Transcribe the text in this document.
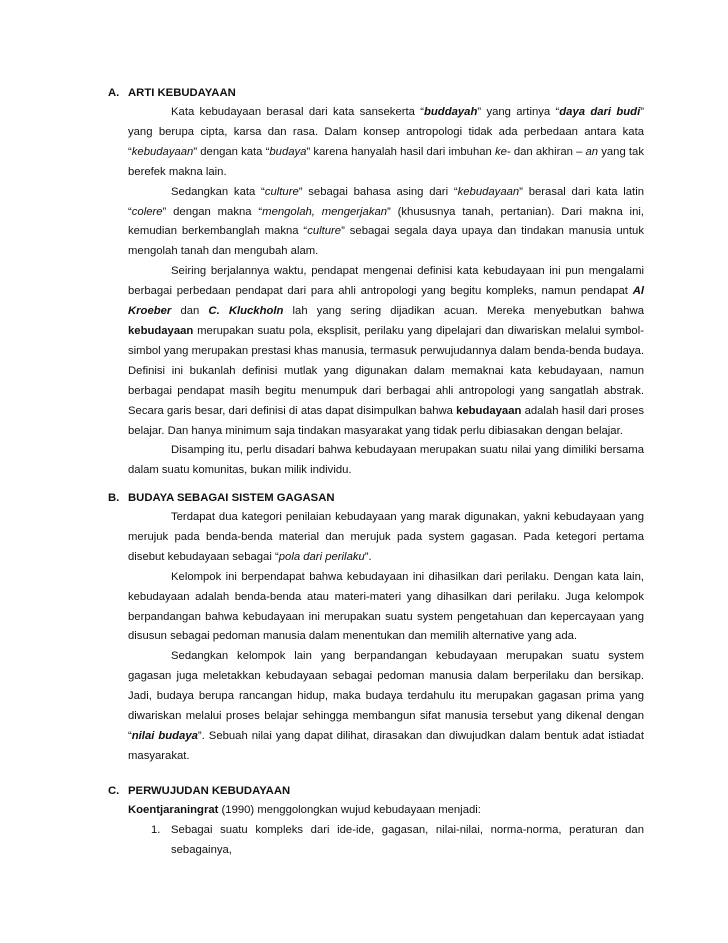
A. ARTI KEBUDAYAAN

Kata kebudayaan berasal dari kata sansekerta “buddayah” yang artinya “daya dari budi” yang berupa cipta, karsa dan rasa. Dalam konsep antropologi tidak ada perbedaan antara kata “kebudayaan” dengan kata “budaya” karena hanyalah hasil dari imbuhan ke- dan akhiran – an yang tak berefek makna lain.

Sedangkan kata “culture” sebagai bahasa asing dari “kebudayaan” berasal dari kata latin “colere” dengan makna “mengolah, mengerjakan” (khususnya tanah, pertanian). Dari makna ini, kemudian berkembanglah makna “culture” sebagai segala daya upaya dan tindakan manusia untuk mengolah tanah dan mengubah alam.

Seiring berjalannya waktu, pendapat mengenai definisi kata kebudayaan ini pun mengalami berbagai perbedaan pendapat dari para ahli antropologi yang begitu kompleks, namun pendapat Al Kroeber dan C. Kluckholn lah yang sering dijadikan acuan. Mereka menyebutkan bahwa kebudayaan merupakan suatu pola, eksplisit, perilaku yang dipelajari dan diwariskan melalui symbol-simbol yang merupakan prestasi khas manusia, termasuk perwujudannya dalam benda-benda budaya. Definisi ini bukanlah definisi mutlak yang digunakan dalam memaknai kata kebudayaan, namun berbagai pendapat masih begitu menumpuk dari berbagai ahli antropologi yang sangatlah abstrak. Secara garis besar, dari definisi di atas dapat disimpulkan bahwa kebudayaan adalah hasil dari proses belajar. Dan hanya minimum saja tindakan masyarakat yang tidak perlu dibiasakan dengan belajar.

Disamping itu, perlu disadari bahwa kebudayaan merupakan suatu nilai yang dimiliki bersama dalam suatu komunitas, bukan milik individu.

B. BUDAYA SEBAGAI SISTEM GAGASAN

Terdapat dua kategori penilaian kebudayaan yang marak digunakan, yakni kebudayaan yang merujuk pada benda-benda material dan merujuk pada system gagasan. Pada ketegori pertama disebut kebudayaan sebagai “pola dari perilaku”.

Kelompok ini berpendapat bahwa kebudayaan ini dihasilkan dari perilaku. Dengan kata lain, kebudayaan adalah benda-benda atau materi-materi yang dihasilkan dari perilaku. Juga kelompok berpandangan bahwa kebudayaan ini merupakan suatu system pengetahuan dan kepercayaan yang disusun sebagai pedoman manusia dalam menentukan dan memilih alternative yang ada.

Sedangkan kelompok lain yang berpandangan kebudayaan merupakan suatu system gagasan juga meletakkan kebudayaan sebagai pedoman manusia dalam berperilaku dan bersikap. Jadi, budaya berupa rancangan hidup, maka budaya terdahulu itu merupakan gagasan prima yang diwariskan melalui proses belajar sehingga membangun sifat manusia tersebut yang dikenal dengan “nilai budaya”. Sebuah nilai yang dapat dilihat, dirasakan dan diwujudkan dalam bentuk adat istiadat masyarakat.

C. PERWUJUDAN KEBUDAYAAN

Koentjaraningrat (1990) menggolongkan wujud kebudayaan menjadi:

1. Sebagai suatu kompleks dari ide-ide, gagasan, nilai-nilai, norma-norma, peraturan dan sebagainya,
